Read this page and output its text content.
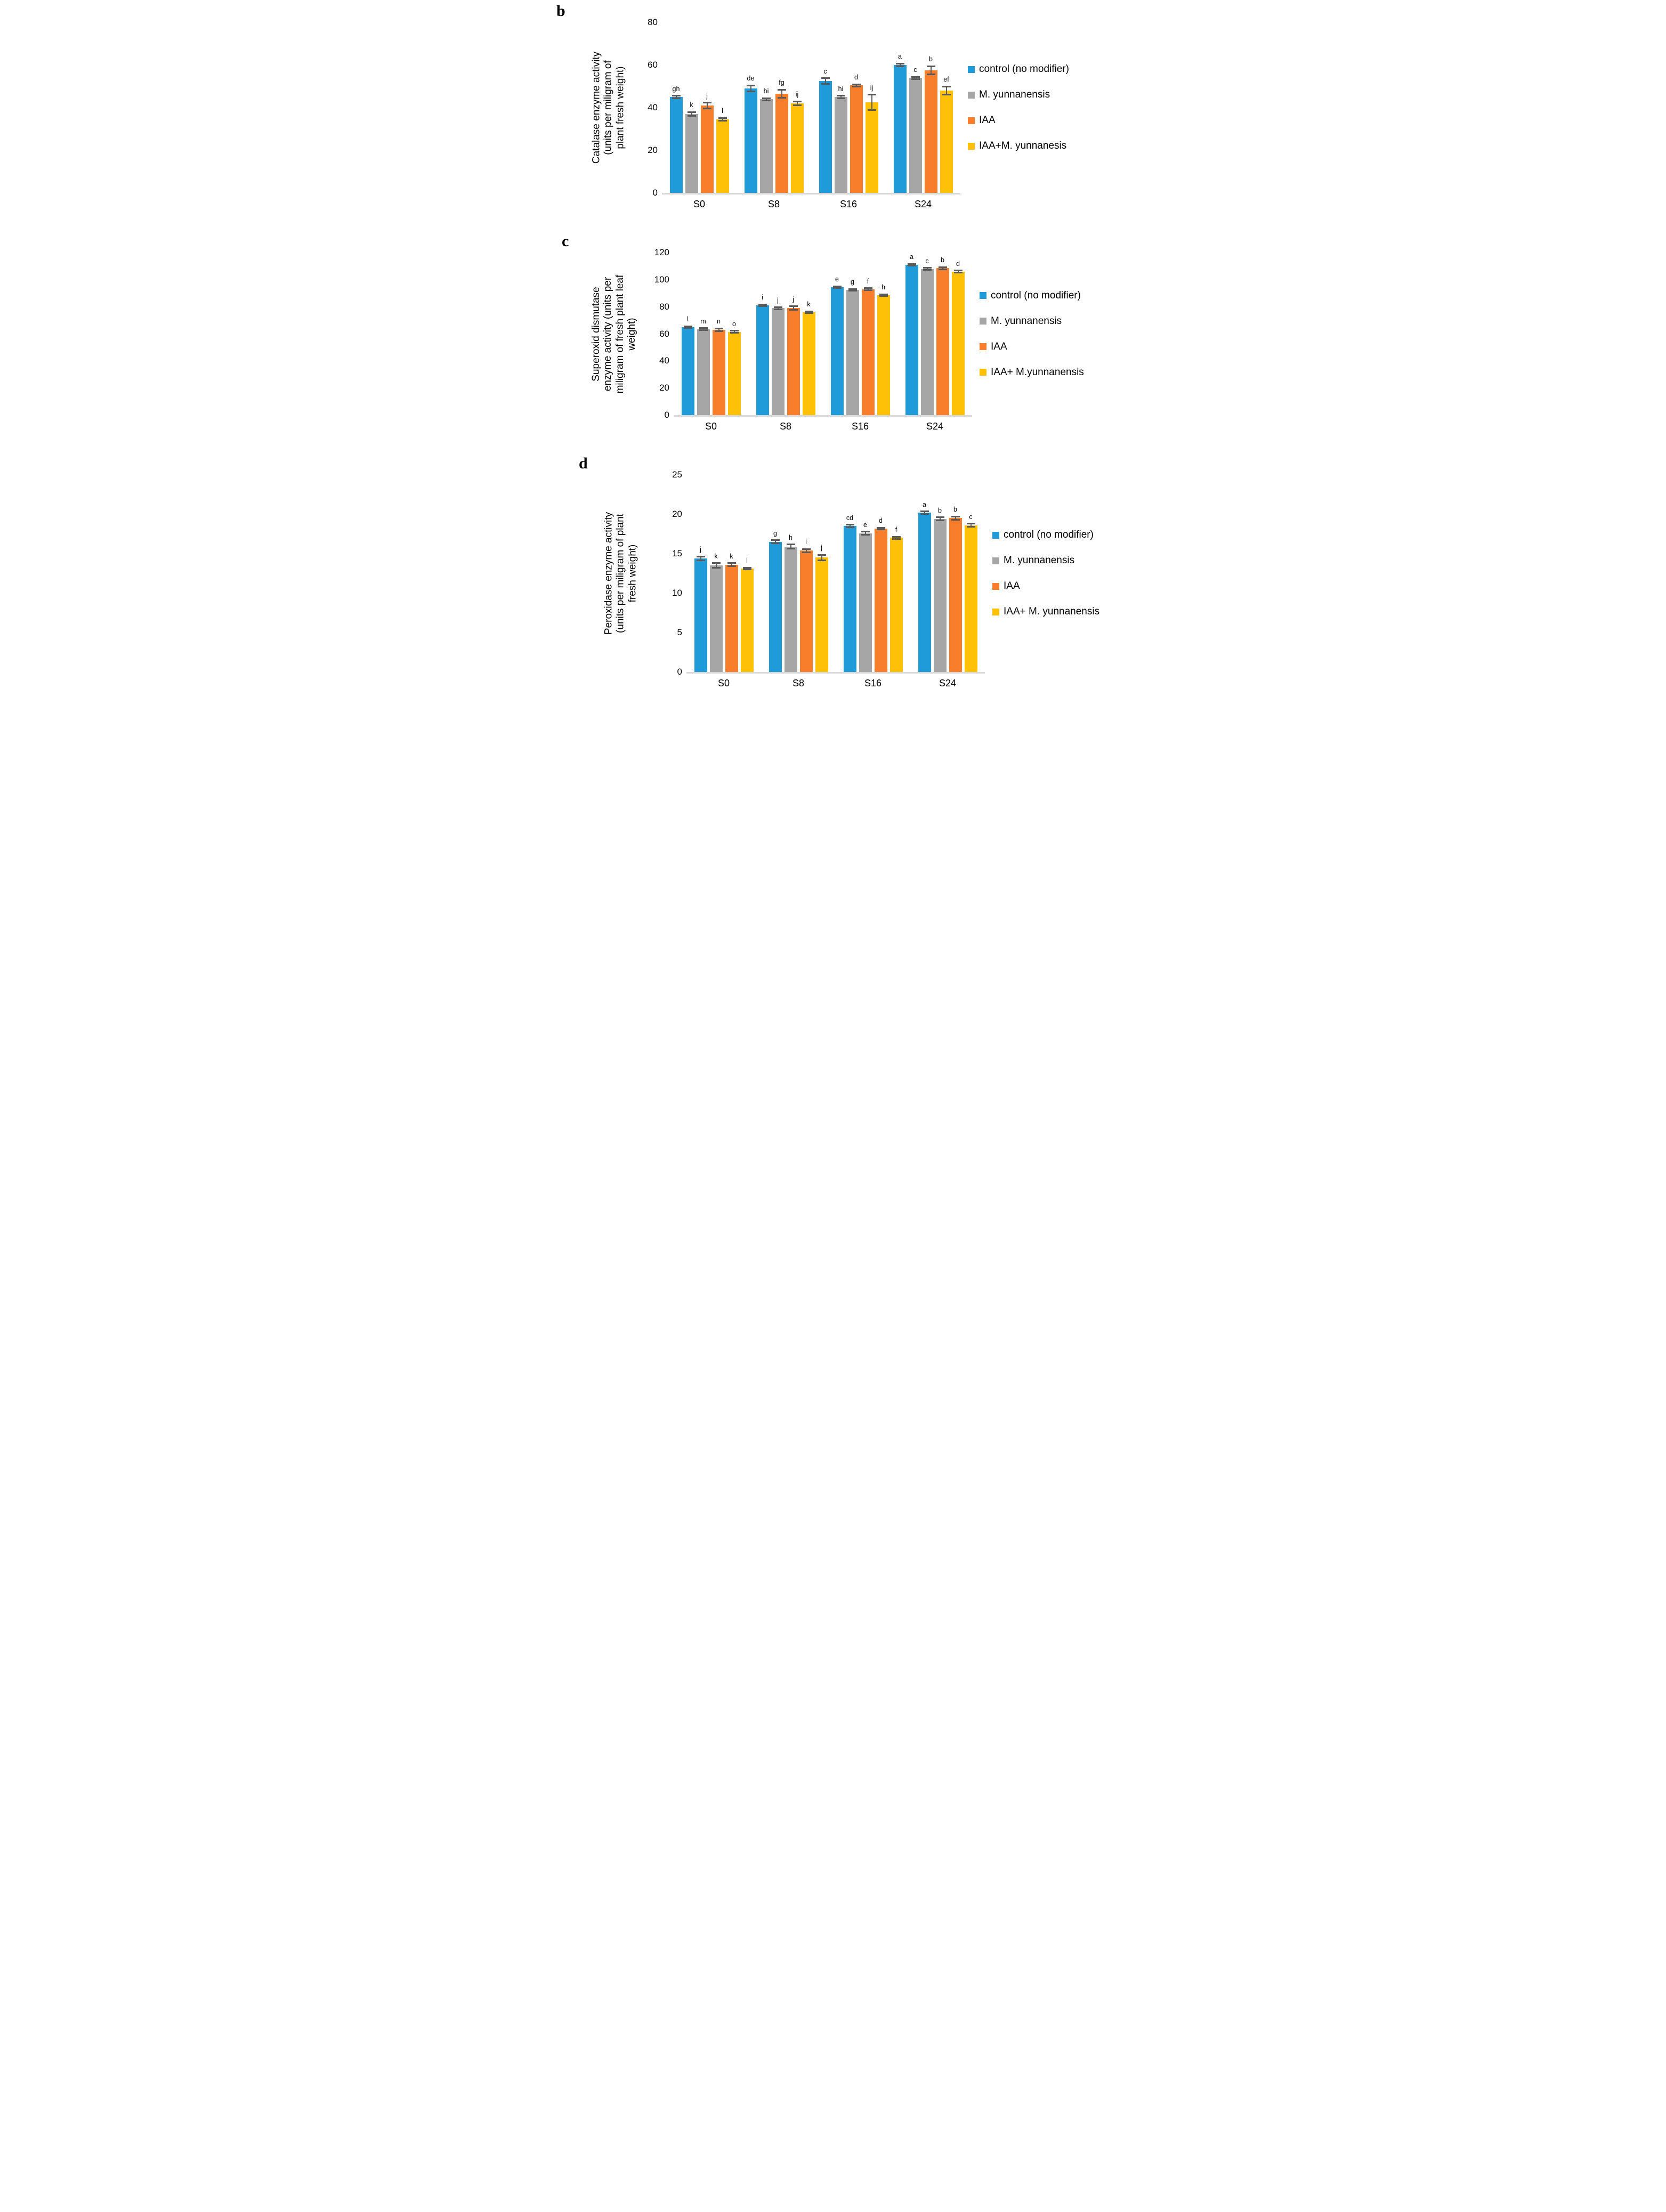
b
Catalase enzyme activity
(units per miligram of
plant fresh weight)
80
60
40
20
0
gh
k
j
l
de
hi
fg
ij
c
hi
d
ij
a
c
b
ef
control (no modifier)
M. yunnanensis
IAA
IAA+M. yunnanesis
S0	S8	S16	S24
c
Superoxid dismutase
enzyme activity (units per
miligram of fresh plant leaf
weight)
120
100
80
60
40
20
0
l m n o
i j j
k
e g f
h
a
c b d
control (no modifier)
M. yunnanensis
IAA
IAA+ M.yunnanensis
S0	S8	S16	S24
d
Peroxidase enzyme activity
(units per miligram of plant
fresh weight)
25
20
15
10
5
0
j
k k
l
g
h
i
j
cd
e
d
f
a
b b
c
control (no modifier)
M. yunnanensis
IAA
IAA+ M. yunnanensis
S0	S8	S16	S24
